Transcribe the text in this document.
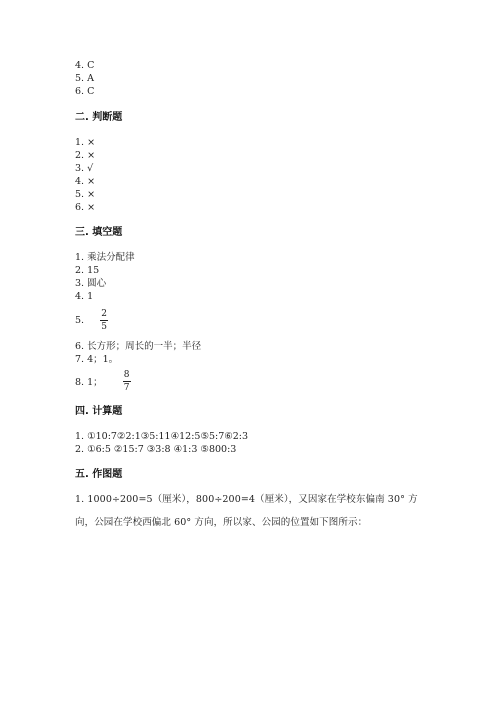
4. C
5. A
6. C
二. 判断题
1. ×
2. ×
3. √
4. ×
5. ×
6. ×
三. 填空题
1. 乘法分配律
2. 15
3. 圆心
4. 1
5. $\frac{2}{5}$
6. 长方形；周长的一半；半径
7. 4；1。
8. 1； $\frac{8}{7}$
四. 计算题
1. ①10:7②2:1③5:11④12:5⑤5:7⑥2:3
2. ①6:5 ②15:7 ③3:8 ④1:3 ⑤800:3
五. 作图题
1. 1000÷200=5（厘米），800÷200=4（厘米），又因家在学校东偏南 30° 方向，公园在学校西偏北 60° 方向，所以家、公园的位置如下图所示：
